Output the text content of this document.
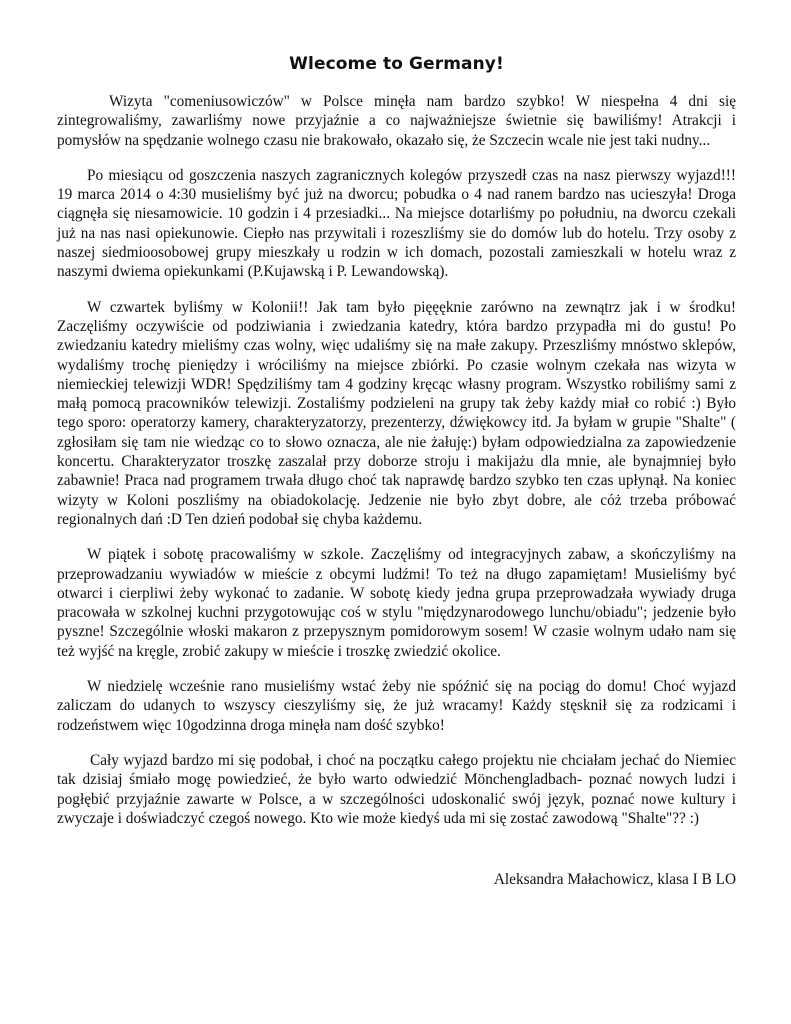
Wlecome to Germany!

Wizyta "comeniusowiczów" w Polsce minęła nam bardzo szybko! W niespełna 4 dni się zintegrowaliśmy, zawarliśmy nowe przyjaźnie a co najważniejsze świetnie się bawiliśmy! Atrakcji i pomysłów na spędzanie wolnego czasu nie brakowało, okazało się, że Szczecin wcale nie jest taki nudny...

Po miesiącu od goszczenia naszych zagranicznych kolegów przyszedł czas na nasz pierwszy wyjazd!!! 19 marca 2014 o 4:30 musieliśmy być już na dworcu; pobudka o 4 nad ranem bardzo nas ucieszyła! Droga ciągnęła się niesamowicie. 10 godzin i 4 przesiadki... Na miejsce dotarliśmy po południu, na dworcu czekali już na nas nasi opiekunowie. Ciepło nas przywitali i rozeszliśmy sie do domów lub do hotelu. Trzy osoby z naszej siedmioosobowej grupy mieszkały u rodzin w ich domach, pozostali zamieszkali w hotelu wraz z naszymi dwiema opiekunkami (P.Kujawską i P. Lewandowską).

W czwartek byliśmy w Kolonii!! Jak tam było pięęęknie zarówno na zewnątrz jak i w środku! Zaczęliśmy oczywiście od podziwiania i zwiedzania katedry, która bardzo przypadła mi do gustu! Po zwiedzaniu katedry mieliśmy czas wolny, więc udaliśmy się na małe zakupy. Przeszliśmy mnóstwo sklepów, wydaliśmy trochę pieniędzy i wróciliśmy na miejsce zbiórki. Po czasie wolnym czekała nas wizyta w niemieckiej telewizji WDR! Spędziliśmy tam 4 godziny kręcąc własny program. Wszystko robiliśmy sami z małą pomocą pracowników telewizji. Zostaliśmy podzieleni na grupy tak żeby każdy miał co robić :) Było tego sporo: operatorzy kamery, charakteryzatorzy, prezenterzy, dźwiękowcy itd. Ja byłam w grupie "Shalte" ( zgłosiłam się tam nie wiedząc co to słowo oznacza, ale nie żałuję:) byłam odpowiedzialna za zapowiedzenie koncertu. Charakteryzator troszkę zaszalał przy doborze stroju i makijażu dla mnie, ale bynajmniej było zabawnie! Praca nad programem trwała długo choć tak naprawdę bardzo szybko ten czas upłynął. Na koniec wizyty w Koloni poszliśmy na obiadokolację. Jedzenie nie było zbyt dobre, ale cóż trzeba próbować regionalnych dań :D Ten dzień podobał się chyba każdemu.

W piątek i sobotę pracowaliśmy w szkole. Zaczęliśmy od integracyjnych zabaw, a skończyliśmy na przeprowadzaniu wywiadów w mieście z obcymi ludźmi! To też na długo zapamiętam! Musieliśmy być otwarci i cierpliwi żeby wykonać to zadanie. W sobotę kiedy jedna grupa przeprowadzała wywiady druga pracowała w szkolnej kuchni przygotowując coś w stylu "międzynarodowego lunchu/obiadu"; jedzenie było pyszne! Szczególnie włoski makaron z przepysznym pomidorowym sosem! W czasie wolnym udało nam się też wyjść na kręgle, zrobić zakupy w mieście i troszkę zwiedzić okolice.

W niedzielę wcześnie rano musieliśmy wstać żeby nie spóźnić się na pociąg do domu! Choć wyjazd zaliczam do udanych to wszyscy cieszyliśmy się, że już wracamy! Każdy stęsknił się za rodzicami i rodzeństwem więc 10godzinna droga minęła nam dość szybko!

Cały wyjazd bardzo mi się podobał, i choć na początku całego projektu nie chciałam jechać do Niemiec tak dzisiaj śmiało mogę powiedzieć, że było warto odwiedzić Mönchengladbach- poznać nowych ludzi i pogłębić przyjaźnie zawarte w Polsce, a w szczególności udoskonalić swój język, poznać nowe kultury i zwyczaje i doświadczyć czegoś nowego. Kto wie może kiedyś uda mi się zostać zawodową "Shalte"?? :)

Aleksandra Małachowicz, klasa I B LO
